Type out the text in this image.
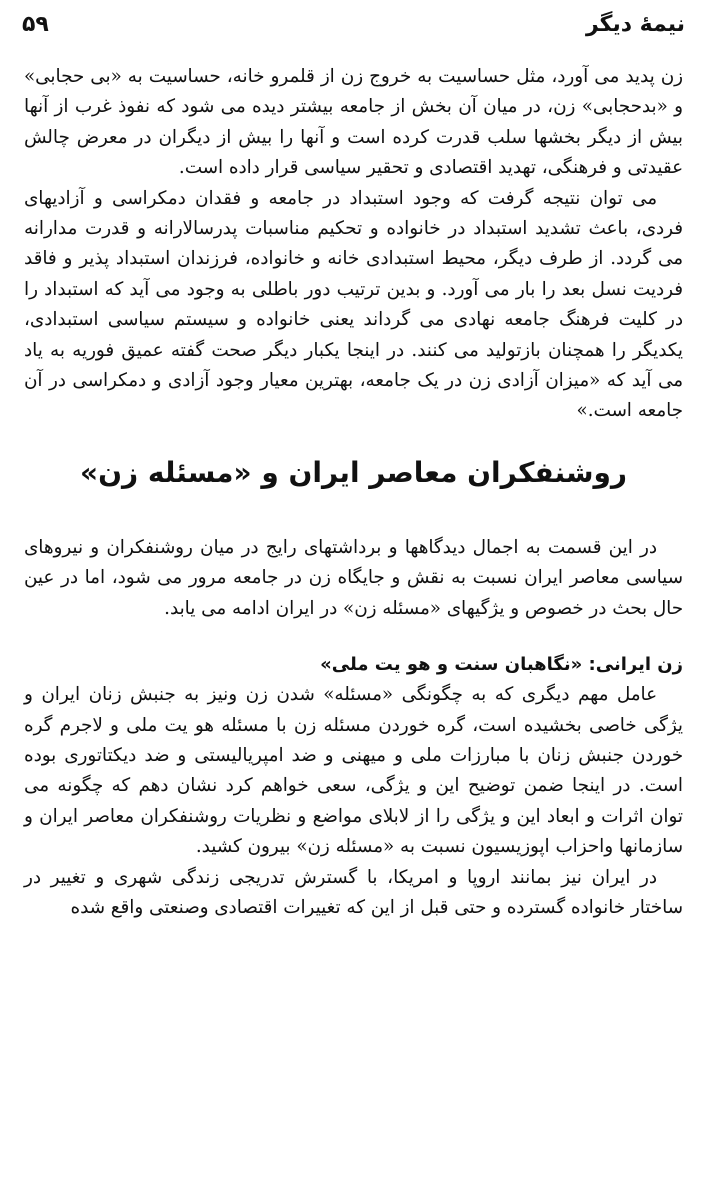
نیمهٔ دیگر
۵۹

زن پدید می آورد، مثل حساسیت به خروج زن از قلمرو خانه، حساسیت به «بی حجابی» و «بدحجابی» زن، در میان آن بخش از جامعه بیشتر دیده می شود که نفوذ غرب از آنها بیش از دیگر بخشها سلب قدرت کرده است و آنها را بیش از دیگران در معرض چالش عقیدتی و فرهنگی، تهدید اقتصادی و تحقیر سیاسی قرار داده است.

می توان نتیجه گرفت که وجود استبداد در جامعه و فقدان دمکراسی و آزادیهای فردی، باعث تشدید استبداد در خانواده و تحکیم مناسبات پدرسالارانه و قدرت مدارانه می گردد. از طرف دیگر، محیط استبدادی خانه و خانواده، فرزندان استبداد پذیر و فاقد فردیت نسل بعد را بار می آورد. و بدین ترتیب دور باطلی به وجود می آید که استبداد را در کلیت فرهنگ جامعه نهادی می گرداند یعنی خانواده و سیستم سیاسی استبدادی، یکدیگر را همچنان بازتولید می کنند. در اینجا یکبار دیگر صحت گفته عمیق فوریه به یاد می آید که «میزان آزادی زن در یک جامعه، بهترین معیار وجود آزادی و دمکراسی در آن جامعه است.»

روشنفکران معاصر ایران و «مسئله زن»

در این قسمت به اجمال دیدگاهها و برداشتهای رایج در میان روشنفکران و نیروهای سیاسی معاصر ایران نسبت به نقش و جایگاه زن در جامعه مرور می شود، اما در عین حال بحث در خصوص و یژگیهای «مسئله زن» در ایران ادامه می یابد.

زن ایرانی: «نگاهبان سنت و هو یت ملی»

عامل مهم دیگری که به چگونگی «مسئله» شدن زن ونیز به جنبش زنان ایران و یژگی خاصی بخشیده است، گره خوردن مسئله زن با مسئله هو یت ملی و لاجرم گره خوردن جنبش زنان با مبارزات ملی و میهنی و ضد امپریالیستی و ضد دیکتاتوری بوده است. در اینجا ضمن توضیح این و یژگی، سعی خواهم کرد نشان دهم که چگونه می توان اثرات و ابعاد این و یژگی را از لابلای مواضع و نظریات روشنفکران معاصر ایران و سازمانها واحزاب اپوزیسیون نسبت به «مسئله زن» بیرون کشید.

در ایران نیز بمانند اروپا و امریکا، با گسترش تدریجی زندگی شهری و تغییر در ساختار خانواده گسترده و حتی قبل از این که تغییرات اقتصادی وصنعتی واقع شده
